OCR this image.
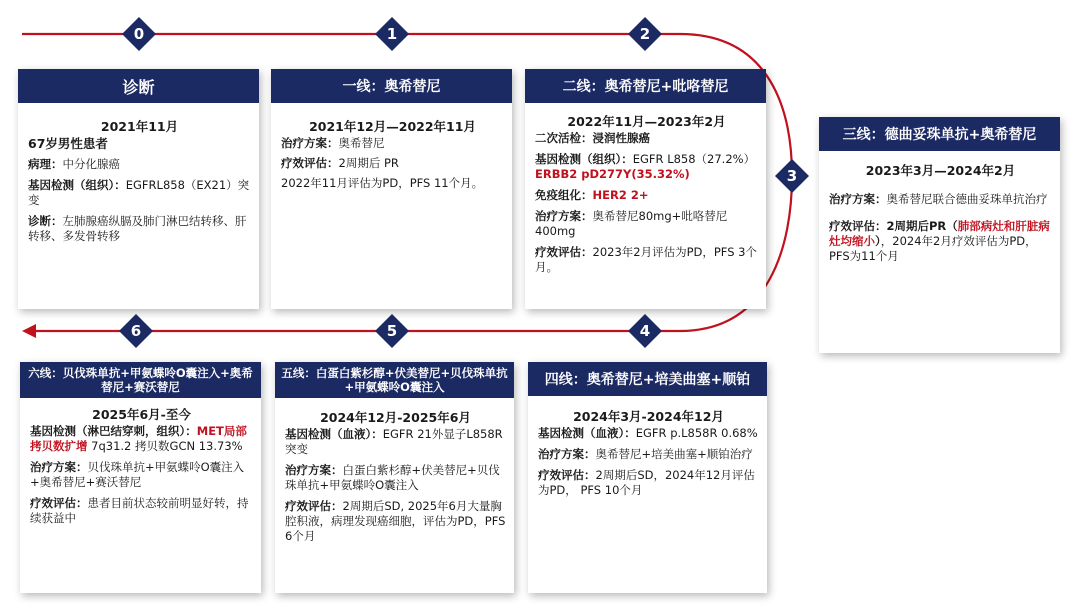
0	1	2
3
4
5
6
诊断
2021年11月
67岁男性患者
病理：中分化腺癌
基因检测（组织）：EGFRL858（EX21）突变
诊断：左肺腺癌纵膈及肺门淋巴结转移、肝转移、多发骨转移
一线：奥希替尼
2021年12月—2022年11月
治疗方案：奥希替尼
疗效评估：2周期后 PR
2022年11月评估为PD，PFS 11个月。
二线：奥希替尼+吡咯替尼
2022年11月—2023年2月
二次活检：浸润性腺癌
基因检测（组织）：EGFR L858（27.2%） ERBB2 pD277Y(35.32%)
免疫组化：HER2 2+
治疗方案：奥希替尼80mg+吡咯替尼400mg
疗效评估：2023年2月评估为PD，PFS 3个月。
三线：德曲妥珠单抗+奥希替尼
2023年3月—2024年2月
治疗方案：奥希替尼联合德曲妥珠单抗治疗
疗效评估：2周期后PR（肺部病灶和肝脏病灶均缩小），2024年2月疗效评估为PD，PFS为11个月
四线：奥希替尼+培美曲塞+顺铂
2024年3月-2024年12月
基因检测（血液）：EGFR p.L858R 0.68%
治疗方案：奥希替尼+培美曲塞+顺铂治疗
疗效评估：2周期后SD，2024年12月评估为PD， PFS 10个月
五线：白蛋白紫杉醇+伏美替尼+贝伐珠单抗+甲氨蝶呤O囊注入
2024年12月-2025年6月
基因检测（血液）：EGFR 21外显子L858R突变
治疗方案：白蛋白紫杉醇+伏美替尼+贝伐珠单抗+甲氨蝶呤O囊注入
疗效评估：2周期后SD, 2025年6月大量胸腔积液，病理发现癌细胞，评估为PD，PFS 6个月
六线：贝伐珠单抗+甲氨蝶呤O囊注入+奥希替尼+赛沃替尼
2025年6月-至今
基因检测（淋巴结穿刺，组织）：MET局部拷贝数扩增 7q31.2 拷贝数GCN 13.73%
治疗方案：贝伐珠单抗+甲氨蝶呤O囊注入+奥希替尼+赛沃替尼
疗效评估：患者目前状态较前明显好转，持续获益中
